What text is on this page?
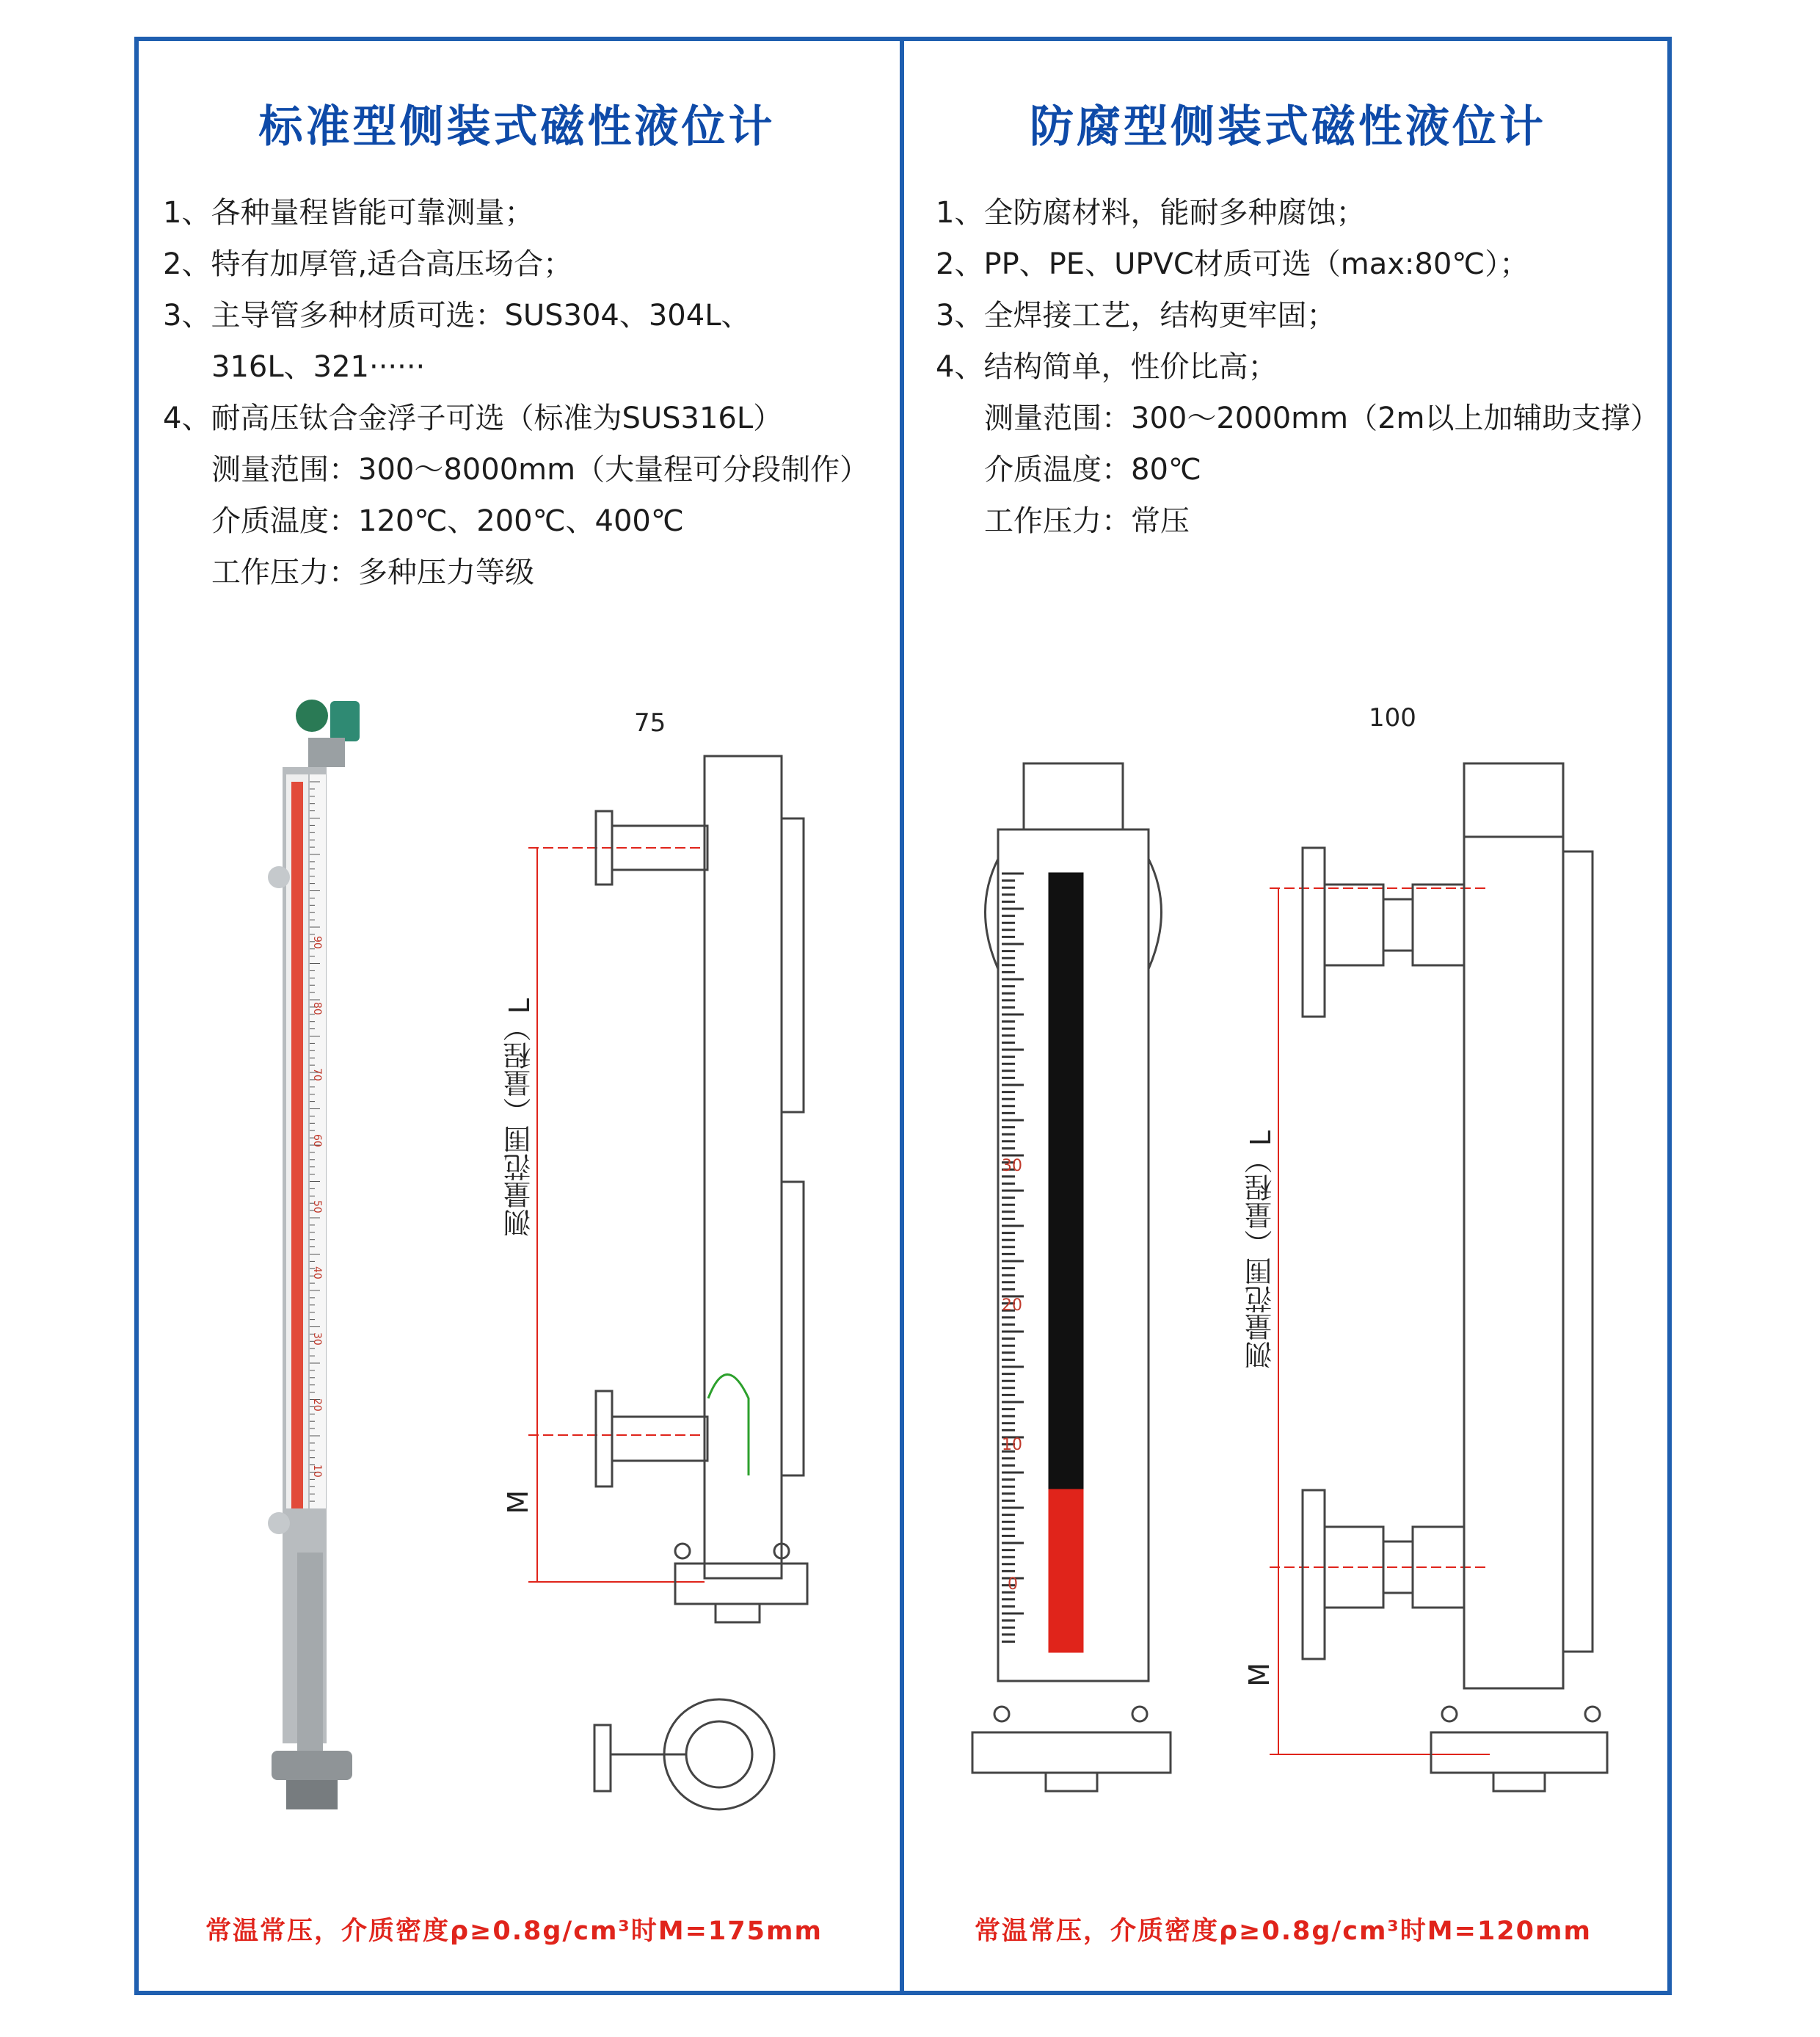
标准型侧装式磁性液位计
1、各种量程皆能可靠测量；
2、特有加厚管,适合高压场合；
3、主导管多种材质可选：SUS304、304L、
316L、321······
4、耐高压钛合金浮子可选（标准为SUS316L）
测量范围：300～8000mm（大量程可分段制作）
介质温度：120℃、200℃、400℃
工作压力：多种压力等级
90
80
70
60
50
40
30
20
10
75
测量范围（量程）L
M
常温常压，介质密度ρ≥0.8g/cm³时M=175mm
防腐型侧装式磁性液位计
1、全防腐材料，能耐多种腐蚀；
2、PP、PE、UPVC材质可选（max:80℃）；
3、全焊接工艺，结构更牢固；
4、结构简单，性价比高；
测量范围：300～2000mm（2m以上加辅助支撑）
介质温度：80℃
工作压力：常压
30
20
10
0
100
测量范围（量程）L
M
常温常压，介质密度ρ≥0.8g/cm³时M=120mm
